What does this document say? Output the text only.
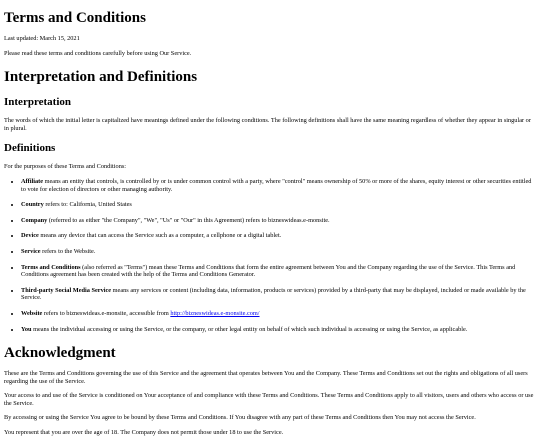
Terms and Conditions

Last updated: March 15, 2021

Please read these terms and conditions carefully before using Our Service.

Interpretation and Definitions
Interpretation

The words of which the initial letter is capitalized have meanings defined under the following conditions. The following definitions shall have the same meaning regardless of whether they appear in singular or in plural.

Definitions

For the purposes of these Terms and Conditions:

• Affiliate means an entity that controls, is controlled by or is under common control with a party, where "control" means ownership of 50% or more of the shares, equity interest or other securities entitled to vote for election of directors or other managing authority.
• Country refers to: California, United States
• Company (referred to as either "the Company", "We", "Us" or "Our" in this Agreement) refers to bizneswideas.e-monsite.
• Device means any device that can access the Service such as a computer, a cellphone or a digital tablet.
• Service refers to the Website.
• Terms and Conditions (also referred as "Terms") mean these Terms and Conditions that form the entire agreement between You and the Company regarding the use of the Service. This Terms and Conditions agreement has been created with the help of the Terms and Conditions Generator.
• Third-party Social Media Service means any services or content (including data, information, products or services) provided by a third-party that may be displayed, included or made available by the Service.
• Website refers to bizneswideas.e-monsite, accessible from http://bizneswideas.e-monsite.com/
• You means the individual accessing or using the Service, or the company, or other legal entity on behalf of which such individual is accessing or using the Service, as applicable.
Acknowledgment

These are the Terms and Conditions governing the use of this Service and the agreement that operates between You and the Company. These Terms and Conditions set out the rights and obligations of all users regarding the use of the Service.

Your access to and use of the Service is conditioned on Your acceptance of and compliance with these Terms and Conditions. These Terms and Conditions apply to all visitors, users and others who access or use the Service.

By accessing or using the Service You agree to be bound by these Terms and Conditions. If You disagree with any part of these Terms and Conditions then You may not access the Service.

You represent that you are over the age of 18. The Company does not permit those under 18 to use the Service.
